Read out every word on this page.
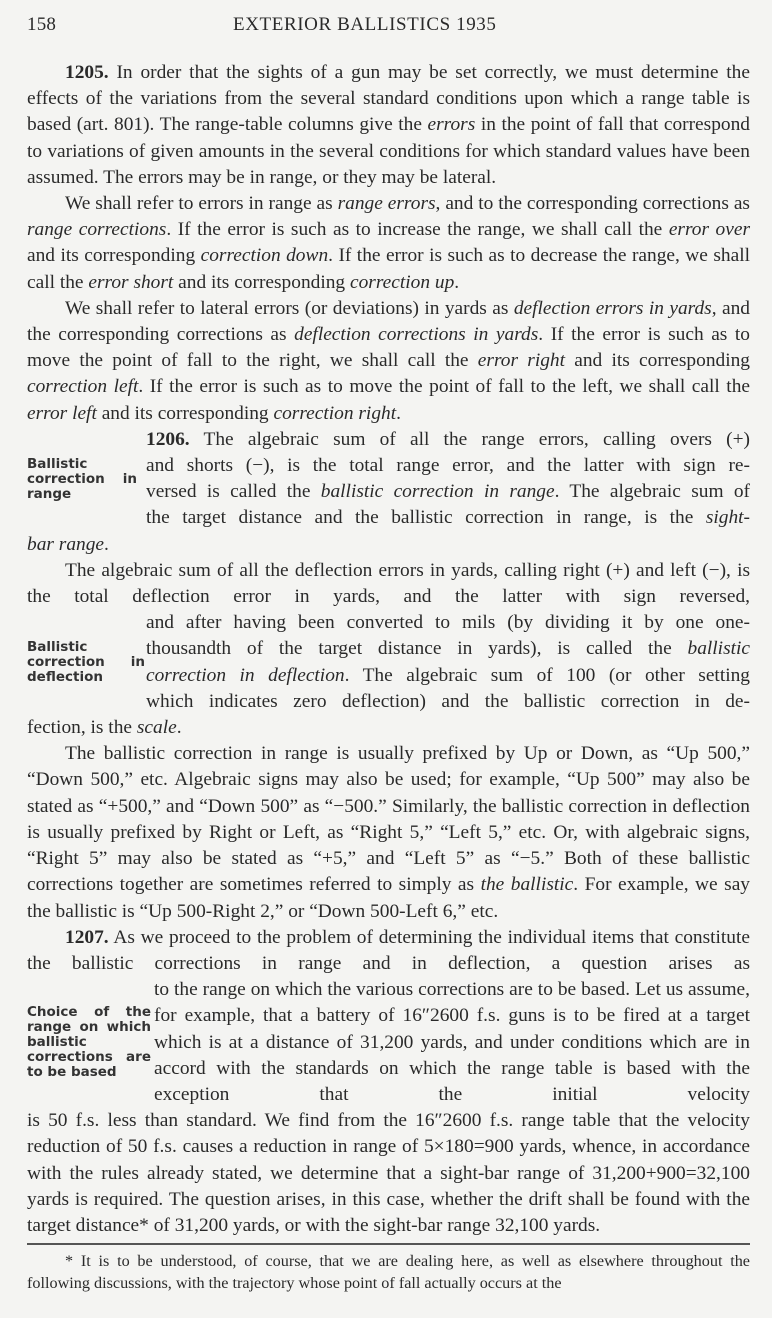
158	EXTERIOR BALLISTICS 1935

1205. In order that the sights of a gun may be set correctly, we must determine the effects of the variations from the several standard conditions upon which a range table is based (art. 801). The range-table columns give the errors in the point of fall that correspond to variations of given amounts in the several conditions for which standard values have been assumed. The errors may be in range, or they may be lateral.

We shall refer to errors in range as range errors, and to the corresponding corrections as range corrections. If the error is such as to increase the range, we shall call the error over and its corresponding correction down. If the error is such as to decrease the range, we shall call the error short and its corresponding correction up.

We shall refer to lateral errors (or deviations) in yards as deflection errors in yards, and the corresponding corrections as deflection corrections in yards. If the error is such as to move the point of fall to the right, we shall call the error right and its corresponding correction left. If the error is such as to move the point of fall to the left, we shall call the error left and its corresponding correction right.

Ballistic correction in range
1206. The algebraic sum of all the range errors, calling overs (+)
and shorts (−), is the total range error, and the latter with sign re-
versed is called the ballistic correction in range. The algebraic sum of
the target distance and the ballistic correction in range, is the sight-

bar range.

The algebraic sum of all the deflection errors in yards, calling right (+) and left (−), is the total deflection error in yards, and the latter with sign reversed,

Ballistic correction in deflection
and after having been converted to mils (by dividing it by one one-
thousandth of the target distance in yards), is called the ballistic
correction in deflection. The algebraic sum of 100 (or other setting
which indicates zero deflection) and the ballistic correction in de-

fection, is the scale.

The ballistic correction in range is usually prefixed by Up or Down, as “Up 500,” “Down 500,” etc. Algebraic signs may also be used; for example, “Up 500” may also be stated as “+500,” and “Down 500” as “−500.” Similarly, the ballistic correction in deflection is usually prefixed by Right or Left, as “Right 5,” “Left 5,” etc. Or, with algebraic signs, “Right 5” may also be stated as “+5,” and “Left 5” as “−5.” Both of these ballistic corrections together are sometimes referred to simply as the ballistic. For example, we say the ballistic is “Up 500-Right 2,” or “Down 500-Left 6,” etc.

1207. As we proceed to the problem of determining the individual items that constitute the ballistic corrections in range and in deflection, a question arises as

Choice of the range on which ballistic corrections are to be based
to the range on which the various corrections are to be based. Let us assume, for example, that a battery of 16″2600 f.s. guns is to be fired at a target which is at a distance of 31,200 yards, and under conditions which are in accord with the standards on which the range table is based with the exception that the initial velocity

is 50 f.s. less than standard. We find from the 16″2600 f.s. range table that the velocity reduction of 50 f.s. causes a reduction in range of 5×180=900 yards, whence, in accordance with the rules already stated, we determine that a sight-bar range of 31,200+900=32,100 yards is required. The question arises, in this case, whether the drift shall be found with the target distance* of 31,200 yards, or with the sight-bar range 32,100 yards.

* It is to be understood, of course, that we are dealing here, as well as elsewhere throughout the following discussions, with the trajectory whose point of fall actually occurs at the
